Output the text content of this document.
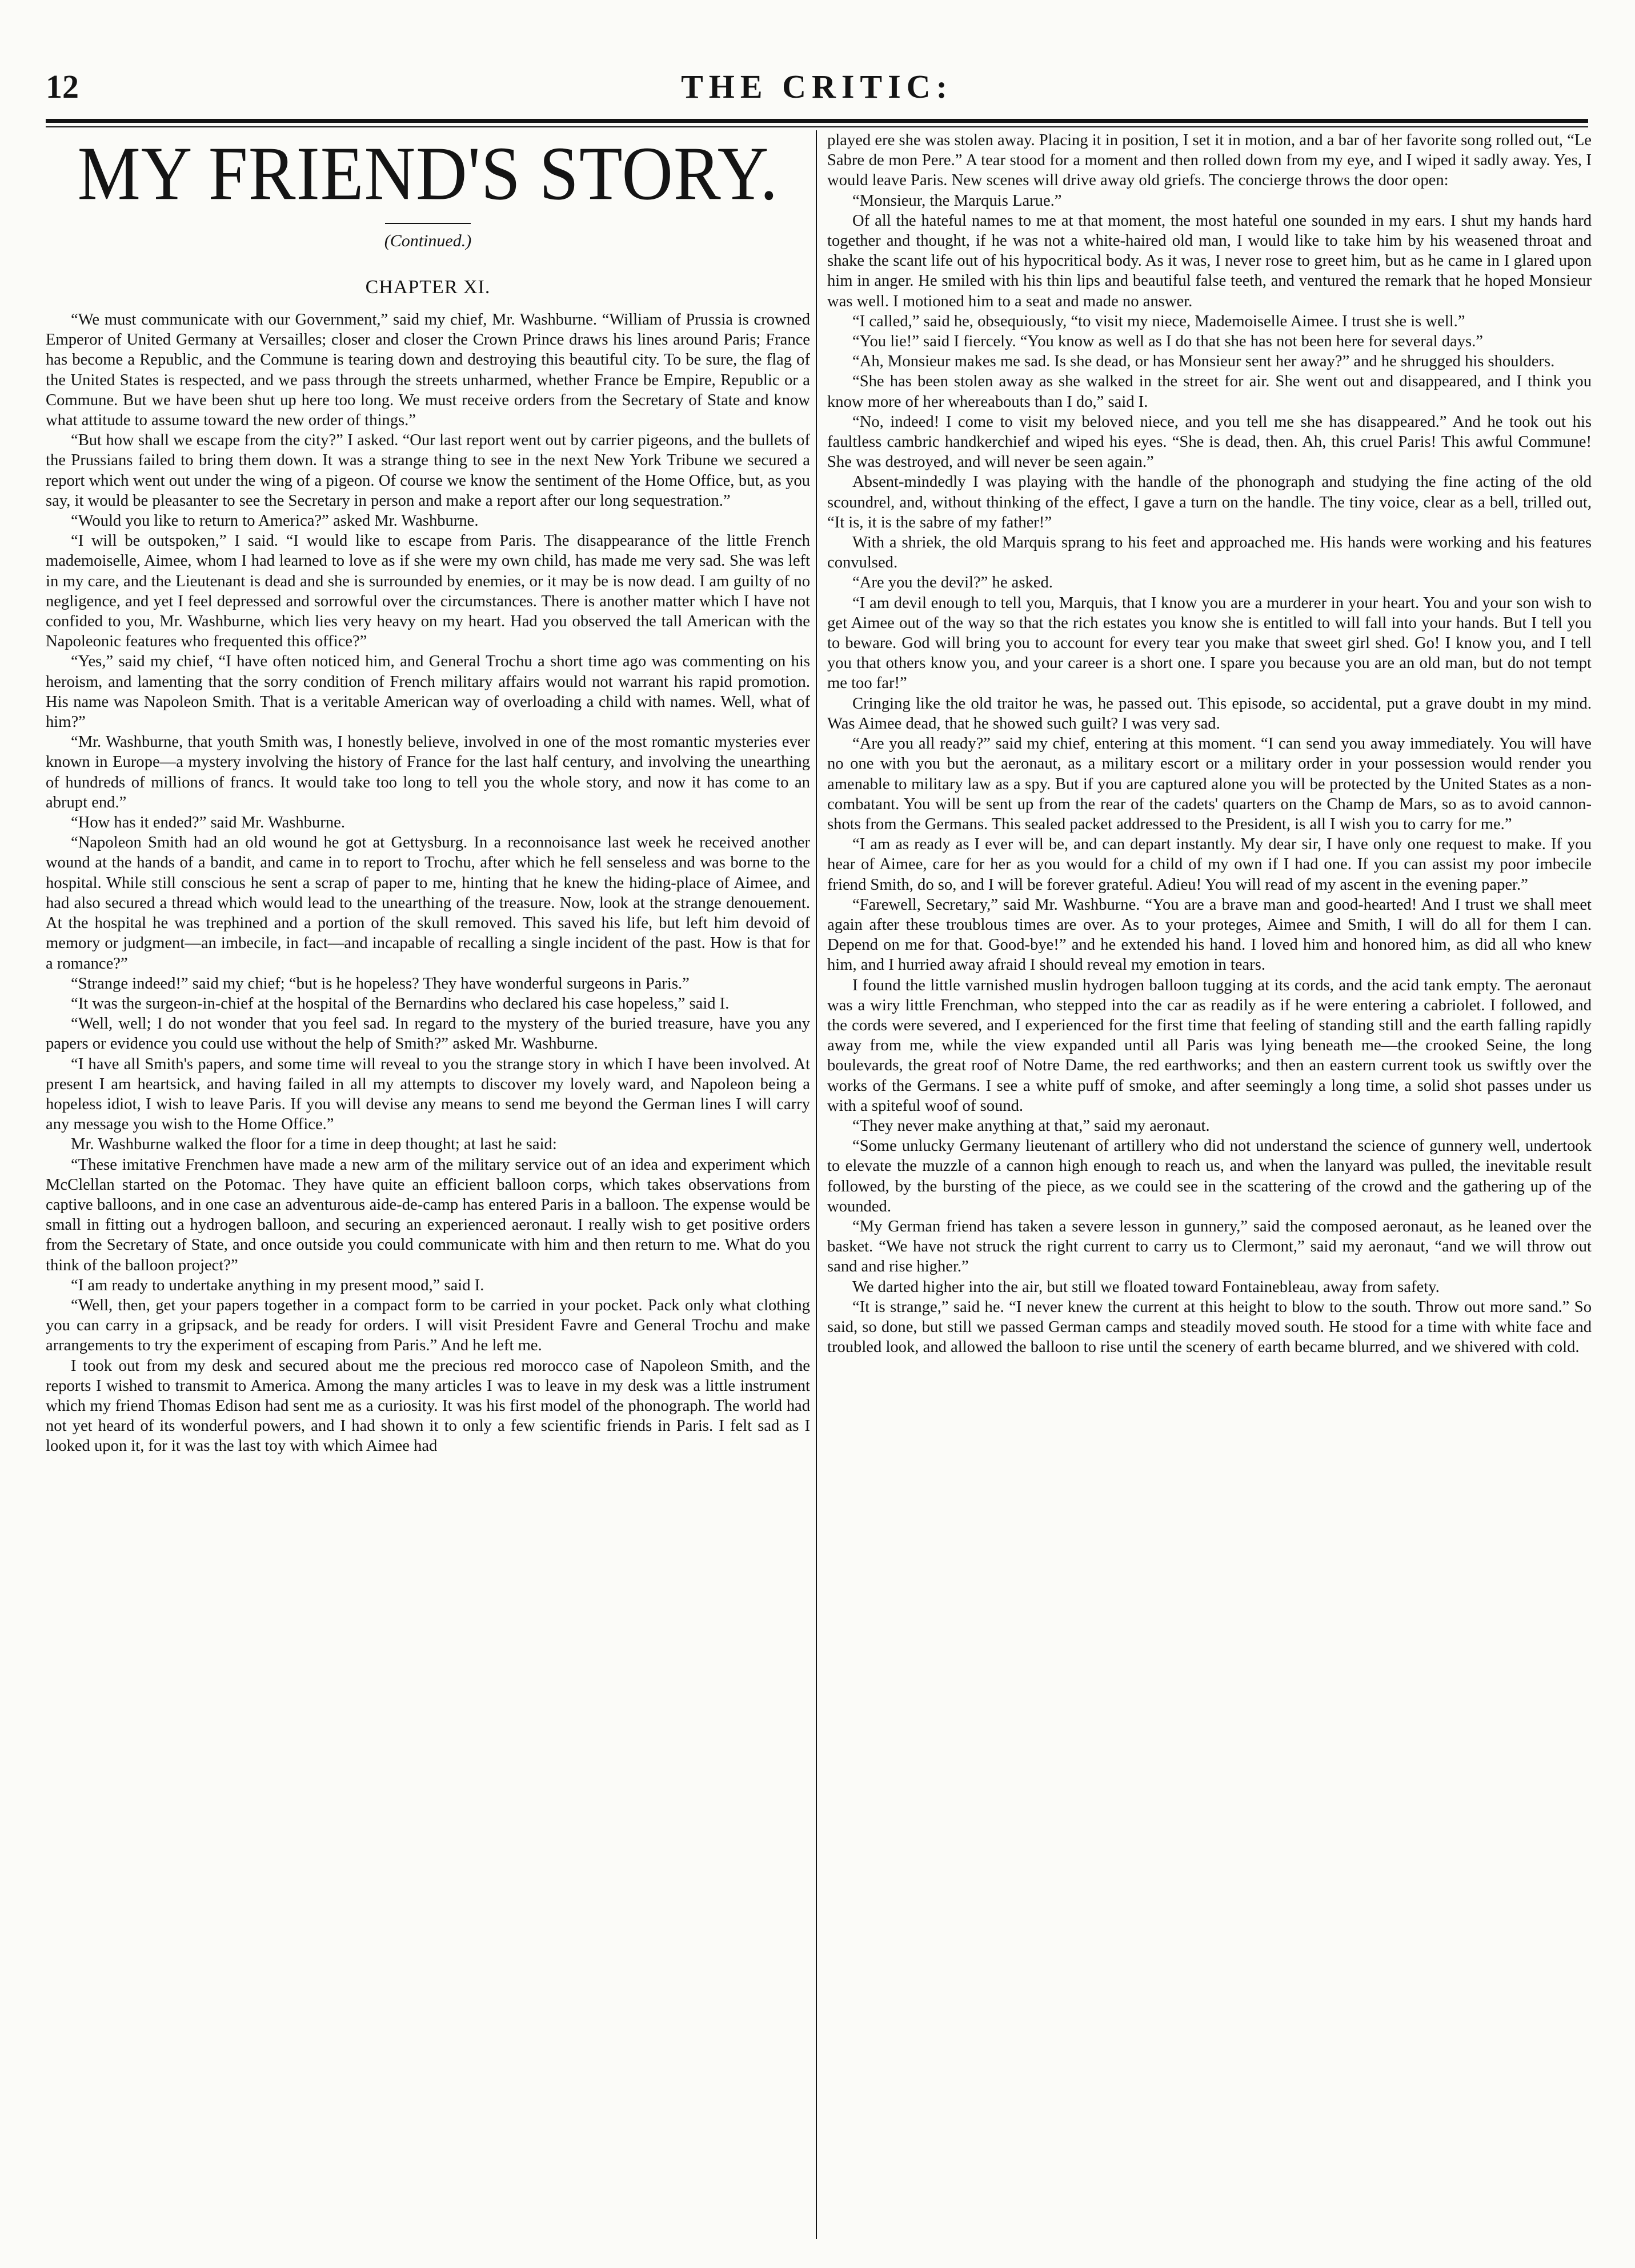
12	THE CRITIC:
MY FRIEND'S STORY.
(Continued.)
CHAPTER XI.

“We must communicate with our Government,” said my chief, Mr. Washburne. “William of Prussia is crowned Emperor of United Germany at Versailles; closer and closer the Crown Prince draws his lines around Paris; France has become a Republic, and the Commune is tearing down and destroying this beautiful city. To be sure, the flag of the United States is respected, and we pass through the streets unharmed, whether France be Empire, Republic or a Commune. But we have been shut up here too long. We must receive orders from the Secretary of State and know what attitude to assume toward the new order of things.”

“But how shall we escape from the city?” I asked. “Our last report went out by carrier pigeons, and the bullets of the Prussians failed to bring them down. It was a strange thing to see in the next New York Tribune we secured a report which went out under the wing of a pigeon. Of course we know the sentiment of the Home Office, but, as you say, it would be pleasanter to see the Secretary in person and make a report after our long sequestration.”

“Would you like to return to America?” asked Mr. Washburne.

“I will be outspoken,” I said. “I would like to escape from Paris. The disappearance of the little French mademoiselle, Aimee, whom I had learned to love as if she were my own child, has made me very sad. She was left in my care, and the Lieutenant is dead and she is surrounded by enemies, or it may be is now dead. I am guilty of no negligence, and yet I feel depressed and sorrowful over the circumstances. There is another matter which I have not confided to you, Mr. Washburne, which lies very heavy on my heart. Had you observed the tall American with the Napoleonic features who frequented this office?”

“Yes,” said my chief, “I have often noticed him, and General Trochu a short time ago was commenting on his heroism, and lamenting that the sorry condition of French military affairs would not warrant his rapid promotion. His name was Napoleon Smith. That is a veritable American way of overloading a child with names. Well, what of him?”

“Mr. Washburne, that youth Smith was, I honestly believe, involved in one of the most romantic mysteries ever known in Europe—a mystery involving the history of France for the last half century, and involving the unearthing of hundreds of millions of francs. It would take too long to tell you the whole story, and now it has come to an abrupt end.”

“How has it ended?” said Mr. Washburne.

“Napoleon Smith had an old wound he got at Gettysburg. In a reconnoisance last week he received another wound at the hands of a bandit, and came in to report to Trochu, after which he fell senseless and was borne to the hospital. While still conscious he sent a scrap of paper to me, hinting that he knew the hiding-place of Aimee, and had also secured a thread which would lead to the unearthing of the treasure. Now, look at the strange denouement. At the hospital he was trephined and a portion of the skull removed. This saved his life, but left him devoid of memory or judgment—an imbecile, in fact—and incapable of recalling a single incident of the past. How is that for a romance?”

“Strange indeed!” said my chief; “but is he hopeless? They have wonderful surgeons in Paris.”

“It was the surgeon-in-chief at the hospital of the Bernardins who declared his case hopeless,” said I.

“Well, well; I do not wonder that you feel sad. In regard to the mystery of the buried treasure, have you any papers or evidence you could use without the help of Smith?” asked Mr. Washburne.

“I have all Smith's papers, and some time will reveal to you the strange story in which I have been involved. At present I am heartsick, and having failed in all my attempts to discover my lovely ward, and Napoleon being a hopeless idiot, I wish to leave Paris. If you will devise any means to send me beyond the German lines I will carry any message you wish to the Home Office.”

Mr. Washburne walked the floor for a time in deep thought; at last he said:

“These imitative Frenchmen have made a new arm of the military service out of an idea and experiment which McClellan started on the Potomac. They have quite an efficient balloon corps, which takes observations from captive balloons, and in one case an adventurous aide-de-camp has entered Paris in a balloon. The expense would be small in fitting out a hydrogen balloon, and securing an experienced aeronaut. I really wish to get positive orders from the Secretary of State, and once outside you could communicate with him and then return to me. What do you think of the balloon project?”

“I am ready to undertake anything in my present mood,” said I.

“Well, then, get your papers together in a compact form to be carried in your pocket. Pack only what clothing you can carry in a gripsack, and be ready for orders. I will visit President Favre and General Trochu and make arrangements to try the experiment of escaping from Paris.” And he left me.

I took out from my desk and secured about me the precious red morocco case of Napoleon Smith, and the reports I wished to transmit to America. Among the many articles I was to leave in my desk was a little instrument which my friend Thomas Edison had sent me as a curiosity. It was his first model of the phonograph. The world had not yet heard of its wonderful powers, and I had shown it to only a few scientific friends in Paris. I felt sad as I looked upon it, for it was the last toy with which Aimee had

played ere she was stolen away. Placing it in position, I set it in motion, and a bar of her favorite song rolled out, “Le Sabre de mon Pere.” A tear stood for a moment and then rolled down from my eye, and I wiped it sadly away. Yes, I would leave Paris. New scenes will drive away old griefs. The concierge throws the door open:

“Monsieur, the Marquis Larue.”

Of all the hateful names to me at that moment, the most hateful one sounded in my ears. I shut my hands hard together and thought, if he was not a white-haired old man, I would like to take him by his weasened throat and shake the scant life out of his hypocritical body. As it was, I never rose to greet him, but as he came in I glared upon him in anger. He smiled with his thin lips and beautiful false teeth, and ventured the remark that he hoped Monsieur was well. I motioned him to a seat and made no answer.

“I called,” said he, obsequiously, “to visit my niece, Mademoiselle Aimee. I trust she is well.”

“You lie!” said I fiercely. “You know as well as I do that she has not been here for several days.”

“Ah, Monsieur makes me sad. Is she dead, or has Monsieur sent her away?” and he shrugged his shoulders.

“She has been stolen away as she walked in the street for air. She went out and disappeared, and I think you know more of her whereabouts than I do,” said I.

“No, indeed! I come to visit my beloved niece, and you tell me she has disappeared.” And he took out his faultless cambric handkerchief and wiped his eyes. “She is dead, then. Ah, this cruel Paris! This awful Commune! She was destroyed, and will never be seen again.”

Absent-mindedly I was playing with the handle of the phonograph and studying the fine acting of the old scoundrel, and, without thinking of the effect, I gave a turn on the handle. The tiny voice, clear as a bell, trilled out, “It is, it is the sabre of my father!”

With a shriek, the old Marquis sprang to his feet and approached me. His hands were working and his features convulsed.

“Are you the devil?” he asked.

“I am devil enough to tell you, Marquis, that I know you are a murderer in your heart. You and your son wish to get Aimee out of the way so that the rich estates you know she is entitled to will fall into your hands. But I tell you to beware. God will bring you to account for every tear you make that sweet girl shed. Go! I know you, and I tell you that others know you, and your career is a short one. I spare you because you are an old man, but do not tempt me too far!”

Cringing like the old traitor he was, he passed out. This episode, so accidental, put a grave doubt in my mind. Was Aimee dead, that he showed such guilt? I was very sad.

“Are you all ready?” said my chief, entering at this moment. “I can send you away immediately. You will have no one with you but the aeronaut, as a military escort or a military order in your possession would render you amenable to military law as a spy. But if you are captured alone you will be protected by the United States as a non-combatant. You will be sent up from the rear of the cadets' quarters on the Champ de Mars, so as to avoid cannon-shots from the Germans. This sealed packet addressed to the President, is all I wish you to carry for me.”

“I am as ready as I ever will be, and can depart instantly. My dear sir, I have only one request to make. If you hear of Aimee, care for her as you would for a child of my own if I had one. If you can assist my poor imbecile friend Smith, do so, and I will be forever grateful. Adieu! You will read of my ascent in the evening paper.”

“Farewell, Secretary,” said Mr. Washburne. “You are a brave man and good-hearted! And I trust we shall meet again after these troublous times are over. As to your proteges, Aimee and Smith, I will do all for them I can. Depend on me for that. Good-bye!” and he extended his hand. I loved him and honored him, as did all who knew him, and I hurried away afraid I should reveal my emotion in tears.

I found the little varnished muslin hydrogen balloon tugging at its cords, and the acid tank empty. The aeronaut was a wiry little Frenchman, who stepped into the car as readily as if he were entering a cabriolet. I followed, and the cords were severed, and I experienced for the first time that feeling of standing still and the earth falling rapidly away from me, while the view expanded until all Paris was lying beneath me—the crooked Seine, the long boulevards, the great roof of Notre Dame, the red earthworks; and then an eastern current took us swiftly over the works of the Germans. I see a white puff of smoke, and after seemingly a long time, a solid shot passes under us with a spiteful woof of sound.

“They never make anything at that,” said my aeronaut.

“Some unlucky Germany lieutenant of artillery who did not understand the science of gunnery well, undertook to elevate the muzzle of a cannon high enough to reach us, and when the lanyard was pulled, the inevitable result followed, by the bursting of the piece, as we could see in the scattering of the crowd and the gathering up of the wounded.

“My German friend has taken a severe lesson in gunnery,” said the composed aeronaut, as he leaned over the basket. “We have not struck the right current to carry us to Clermont,” said my aeronaut, “and we will throw out sand and rise higher.”

We darted higher into the air, but still we floated toward Fontainebleau, away from safety.

“It is strange,” said he. “I never knew the current at this height to blow to the south. Throw out more sand.” So said, so done, but still we passed German camps and steadily moved south. He stood for a time with white face and troubled look, and allowed the balloon to rise until the scenery of earth became blurred, and we shivered with cold.
